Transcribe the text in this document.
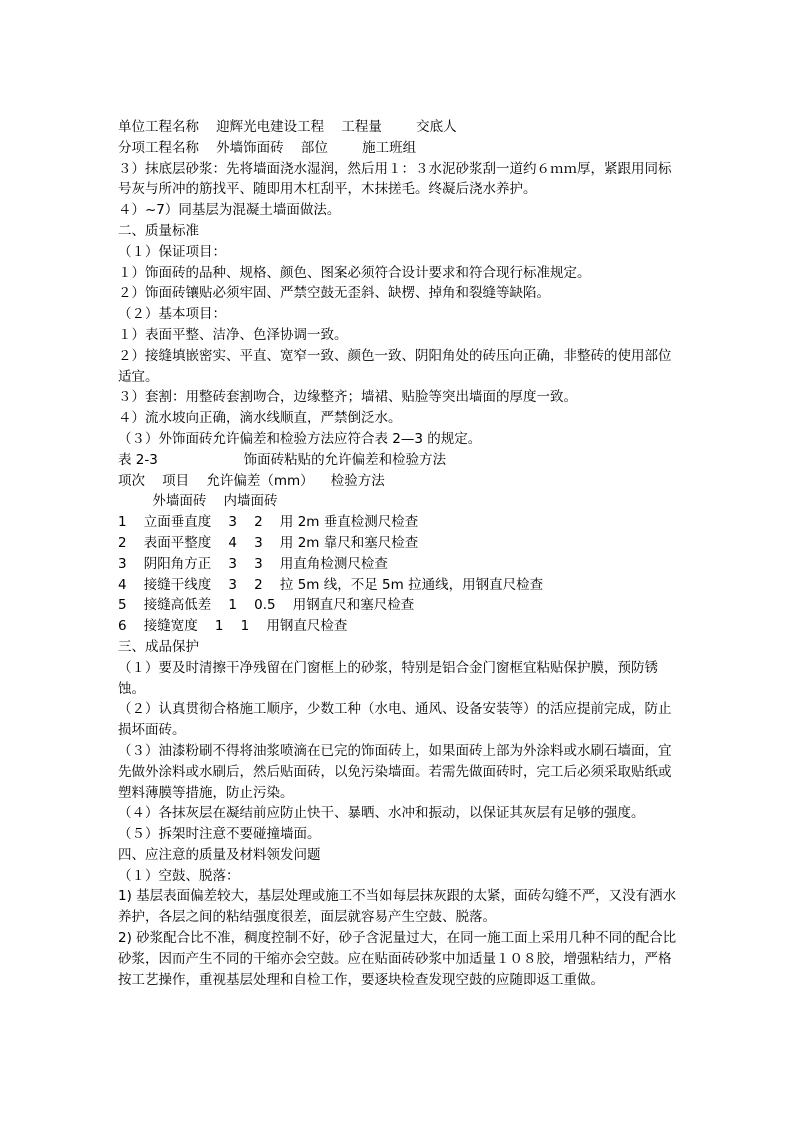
单位工程名称    迎辉光电建设工程    工程量        交底人

分项工程名称    外墙饰面砖    部位        施工班组

３）抹底层砂浆：先将墙面浇水湿润，然后用１：３水泥砂浆刮一道约６ｍｍ厚，紧跟用同标号灰与所冲的筋找平、随即用木杠刮平，木抹搓毛。终凝后浇水养护。

４）~7）同基层为混凝土墙面做法。

二、质量标准

（１）保证项目：

１）饰面砖的品种、规格、颜色、图案必须符合设计要求和符合现行标准规定。

２）饰面砖镶贴必须牢固、严禁空鼓无歪斜、缺楞、掉角和裂缝等缺陷。

（２）基本项目：

１）表面平整、洁净、色泽协调一致。

２）接缝填嵌密实、平直、宽窄一致、颜色一致、阴阳角处的砖压向正确，非整砖的使用部位适宜。

３）套割：用整砖套割吻合，边缘整齐；墙裙、贴脸等突出墙面的厚度一致。

４）流水坡向正确，滴水线顺直，严禁倒泛水。

（３）外饰面砖允许偏差和检验方法应符合表 2—3 的规定。

表 2-3                    饰面砖粘贴的允许偏差和检验方法

项次    项目    允许偏差（mm）    检验方法

外墙面砖    内墙面砖

1    立面垂直度    3    2    用 2m 垂直检测尺检查

2    表面平整度    4    3    用 2m 靠尺和塞尺检查

3    阴阳角方正    3    3    用直角检测尺检查

4    接缝干线度    3    2    拉 5m 线，不足 5m 拉通线，用钢直尺检查

5    接缝高低差    1    0.5    用钢直尺和塞尺检查

6    接缝宽度    1    1    用钢直尺检查

三、成品保护

（１）要及时清擦干净残留在门窗框上的砂浆，特别是铝合金门窗框宜粘贴保护膜，预防锈蚀。

（２）认真贯彻合格施工顺序，少数工种（水电、通风、设备安装等）的活应提前完成，防止损坏面砖。

（３）油漆粉刷不得将油浆喷滴在已完的饰面砖上，如果面砖上部为外涂料或水刷石墙面，宜先做外涂料或水刷后，然后贴面砖，以免污染墙面。若需先做面砖时，完工后必须采取贴纸或塑料薄膜等措施，防止污染。

（４）各抹灰层在凝结前应防止快干、暴晒、水冲和振动，以保证其灰层有足够的强度。

（５）拆架时注意不要碰撞墙面。

四、应注意的质量及材料领发问题

（１）空鼓、脱落：

1) 基层表面偏差较大，基层处理或施工不当如每层抹灰跟的太紧，面砖勾缝不严，又没有洒水养护，各层之间的粘结强度很差，面层就容易产生空鼓、脱落。

2) 砂浆配合比不准，稠度控制不好，砂子含泥量过大，在同一施工面上采用几种不同的配合比砂浆，因而产生不同的干缩亦会空鼓。应在贴面砖砂浆中加适量１０８胶，增强粘结力，严格按工艺操作，重视基层处理和自检工作，要逐块检查发现空鼓的应随即返工重做。
